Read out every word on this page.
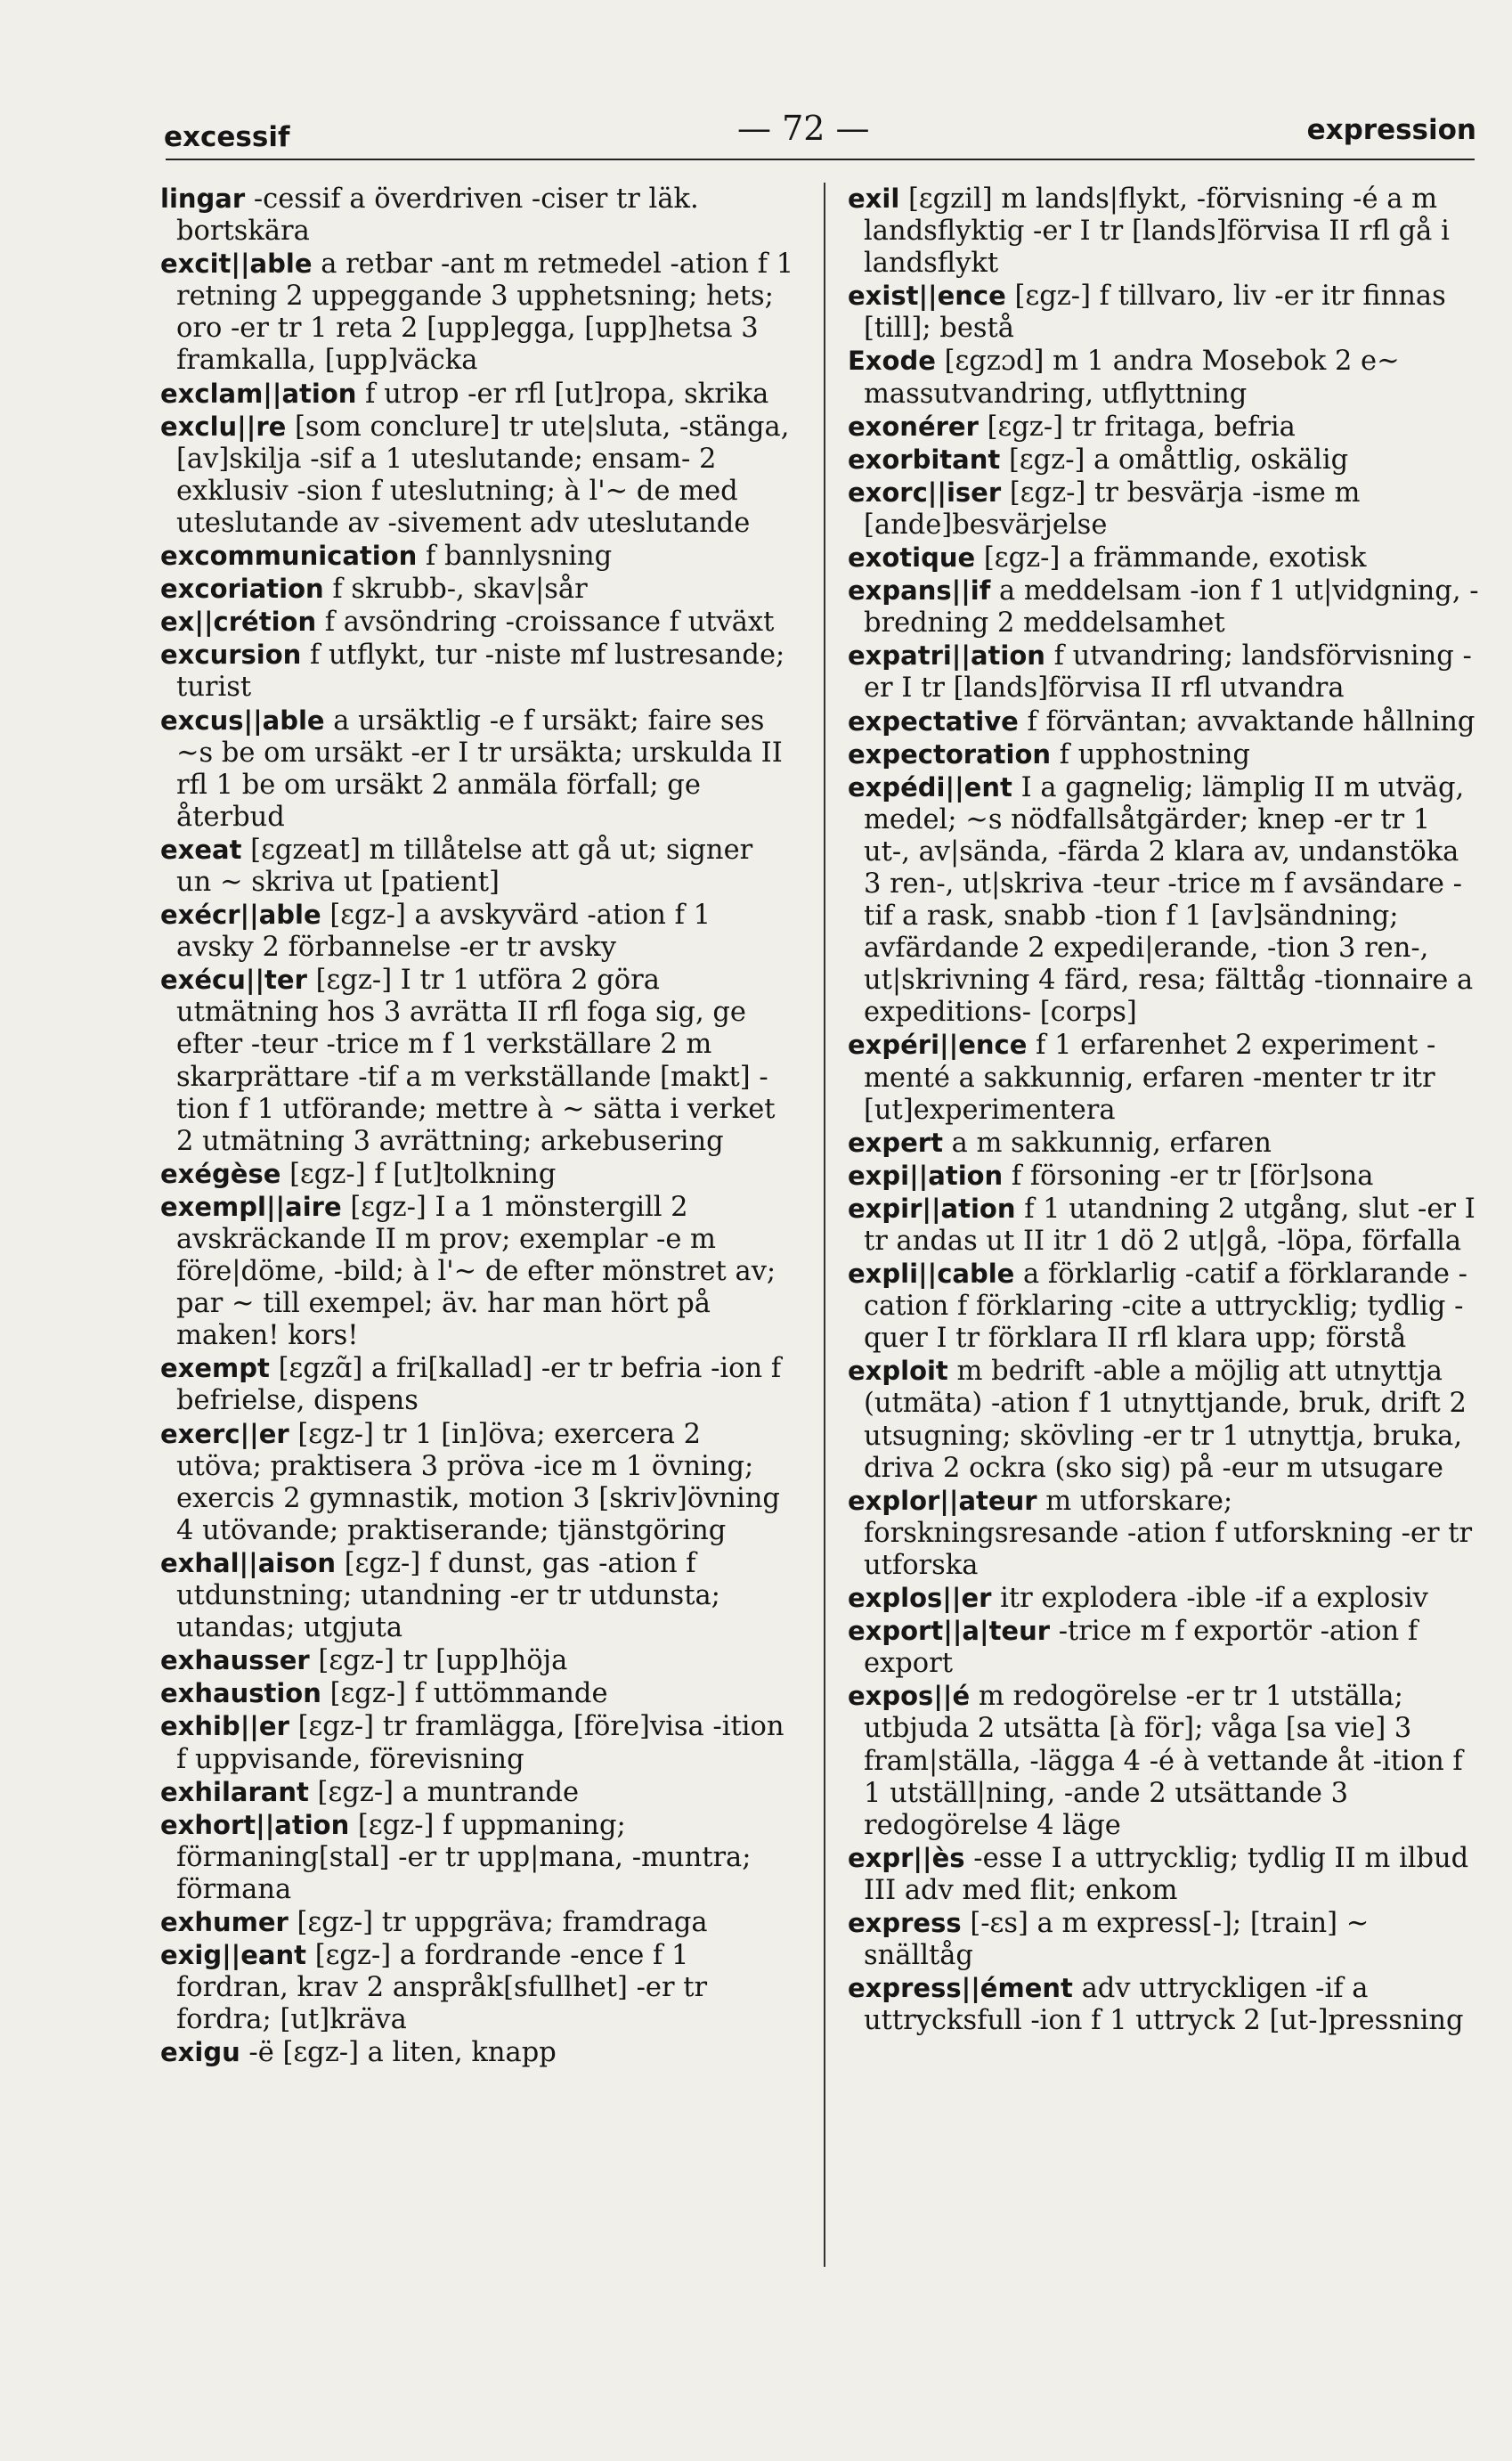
excessif	— 72 —	expression

lingar -cessif a överdriven -ciser tr läk. bortskära

excit||able a retbar -ant m retmedel -ation f 1 retning 2 uppeggande 3 upphetsning; hets; oro -er tr 1 reta 2 [upp]egga, [upp]hetsa 3 framkalla, [upp]väcka

exclam||ation f utrop -er rfl [ut]ropa, skrika

exclu||re [som conclure] tr ute|sluta, -stänga, [av]skilja -sif a 1 uteslutande; ensam- 2 exklusiv -sion f uteslutning; à l'~ de med uteslutande av -sivement adv uteslutande

excommunication f bannlysning

excoriation f skrubb-, skav|sår

ex||crétion f avsöndring -croissance f utväxt

excursion f utflykt, tur -niste mf lustresande; turist

excus||able a ursäktlig -e f ursäkt; faire ses ~s be om ursäkt -er I tr ursäkta; urskulda II rfl 1 be om ursäkt 2 anmäla förfall; ge återbud

exeat [ɛgzeat] m tillåtelse att gå ut; signer un ~ skriva ut [patient]

exécr||able [ɛgz-] a avskyvärd -ation f 1 avsky 2 förbannelse -er tr avsky

exécu||ter [ɛgz-] I tr 1 utföra 2 göra utmätning hos 3 avrätta II rfl foga sig, ge efter -teur -trice m f 1 verkställare 2 m skarprättare -tif a m verkställande [makt] -tion f 1 utförande; mettre à ~ sätta i verket 2 utmätning 3 avrättning; arkebusering

exégèse [ɛgz-] f [ut]tolkning

exempl||aire [ɛgz-] I a 1 mönstergill 2 avskräckande II m prov; exemplar -e m före|döme, -bild; à l'~ de efter mönstret av; par ~ till exempel; äv. har man hört på maken! kors!

exempt [ɛgzɑ̃] a fri[kallad] -er tr befria -ion f befrielse, dispens

exerc||er [ɛgz-] tr 1 [in]öva; exercera 2 utöva; praktisera 3 pröva -ice m 1 övning; exercis 2 gymnastik, motion 3 [skriv]övning 4 utövande; praktiserande; tjänstgöring

exhal||aison [ɛgz-] f dunst, gas -ation f utdunstning; utandning -er tr utdunsta; utandas; utgjuta

exhausser [ɛgz-] tr [upp]höja

exhaustion [ɛgz-] f uttömmande

exhib||er [ɛgz-] tr framlägga, [före]visa -ition f uppvisande, förevisning

exhilarant [ɛgz-] a muntrande

exhort||ation [ɛgz-] f uppmaning; förmaning[stal] -er tr upp|mana, -muntra; förmana

exhumer [ɛgz-] tr uppgräva; framdraga

exig||eant [ɛgz-] a fordrande -ence f 1 fordran, krav 2 anspråk[sfullhet] -er tr fordra; [ut]kräva

exigu -ë [ɛgz-] a liten, knapp

exil [ɛgzil] m lands|flykt, -förvisning -é a m landsflyktig -er I tr [lands]förvisa II rfl gå i landsflykt

exist||ence [ɛgz-] f tillvaro, liv -er itr finnas [till]; bestå

Exode [ɛgzɔd] m 1 andra Mosebok 2 e~ massutvandring, utflyttning

exonérer [ɛgz-] tr fritaga, befria

exorbitant [ɛgz-] a omåttlig, oskälig

exorc||iser [ɛgz-] tr besvärja -isme m [ande]besvärjelse

exotique [ɛgz-] a främmande, exotisk

expans||if a meddelsam -ion f 1 ut|vidgning, -bredning 2 meddelsamhet

expatri||ation f utvandring; landsförvisning -er I tr [lands]förvisa II rfl utvandra

expectative f förväntan; avvaktande hållning

expectoration f upphostning

expédi||ent I a gagnelig; lämplig II m utväg, medel; ~s nödfallsåtgärder; knep -er tr 1 ut-, av|sända, -färda 2 klara av, undanstöka 3 ren-, ut|skriva -teur -trice m f avsändare -tif a rask, snabb -tion f 1 [av]sändning; avfärdande 2 expedi|erande, -tion 3 ren-, ut|skrivning 4 färd, resa; fälttåg -tionnaire a expeditions- [corps]

expéri||ence f 1 erfarenhet 2 experiment -menté a sakkunnig, erfaren -menter tr itr [ut]experimentera

expert a m sakkunnig, erfaren

expi||ation f försoning -er tr [för]sona

expir||ation f 1 utandning 2 utgång, slut -er I tr andas ut II itr 1 dö 2 ut|gå, -löpa, förfalla

expli||cable a förklarlig -catif a förklarande -cation f förklaring -cite a uttrycklig; tydlig -quer I tr förklara II rfl klara upp; förstå

exploit m bedrift -able a möjlig att utnyttja (utmäta) -ation f 1 utnyttjande, bruk, drift 2 utsugning; skövling -er tr 1 utnyttja, bruka, driva 2 ockra (sko sig) på -eur m utsugare

explor||ateur m utforskare; forskningsresande -ation f utforskning -er tr utforska

explos||er itr explodera -ible -if a explosiv

export||a|teur -trice m f exportör -ation f export

expos||é m redogörelse -er tr 1 utställa; utbjuda 2 utsätta [à för]; våga [sa vie] 3 fram|ställa, -lägga 4 -é à vettande åt -ition f 1 utställ|ning, -ande 2 utsättande 3 redogörelse 4 läge

expr||ès -esse I a uttrycklig; tydlig II m ilbud III adv med flit; enkom

express [-ɛs] a m express[-]; [train] ~ snälltåg

express||ément adv uttryckligen -if a uttrycksfull -ion f 1 uttryck 2 [ut-]pressning
